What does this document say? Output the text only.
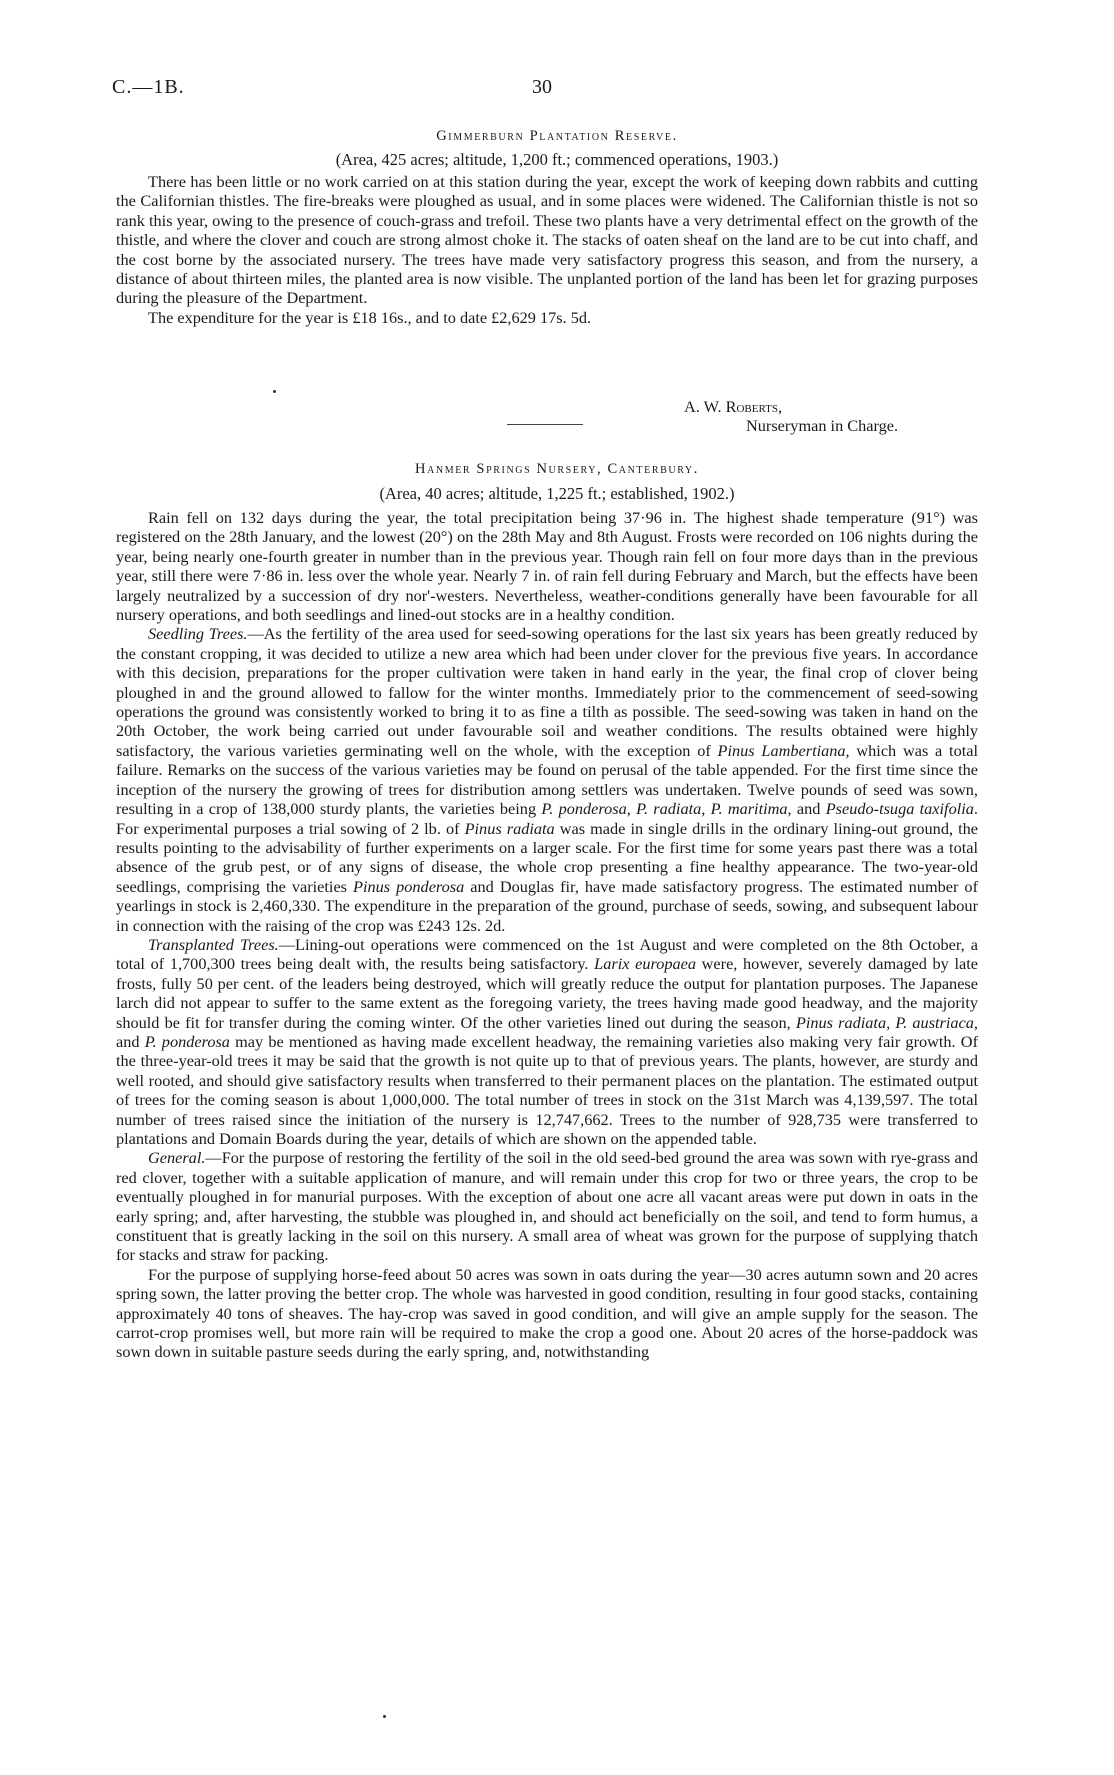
C.—1B.	30
Gimmerburn Plantation Reserve.
(Area, 425 acres; altitude, 1,200 ft.; commenced operations, 1903.)

There has been little or no work carried on at this station during the year, except the work of keeping down rabbits and cutting the Californian thistles. The fire-breaks were ploughed as usual, and in some places were widened. The Californian thistle is not so rank this year, owing to the presence of couch-grass and trefoil. These two plants have a very detrimental effect on the growth of the thistle, and where the clover and couch are strong almost choke it. The stacks of oaten sheaf on the land are to be cut into chaff, and the cost borne by the associated nursery. The trees have made very satisfactory progress this season, and from the nursery, a distance of about thirteen miles, the planted area is now visible. The unplanted portion of the land has been let for grazing purposes during the pleasure of the Department.

The expenditure for the year is £18 16s., and to date £2,629 17s. 5d.

A. W. Roberts,
Nurseryman in Charge.
Hanmer Springs Nursery, Canterbury.
(Area, 40 acres; altitude, 1,225 ft.; established, 1902.)

Rain fell on 132 days during the year, the total precipitation being 37·96 in. The highest shade temperature (91°) was registered on the 28th January, and the lowest (20°) on the 28th May and 8th August. Frosts were recorded on 106 nights during the year, being nearly one-fourth greater in number than in the previous year. Though rain fell on four more days than in the previous year, still there were 7·86 in. less over the whole year. Nearly 7 in. of rain fell during February and March, but the effects have been largely neutralized by a succession of dry nor'-westers. Nevertheless, weather-conditions generally have been favourable for all nursery operations, and both seedlings and lined-out stocks are in a healthy condition.

Seedling Trees.—As the fertility of the area used for seed-sowing operations for the last six years has been greatly reduced by the constant cropping, it was decided to utilize a new area which had been under clover for the previous five years. In accordance with this decision, preparations for the proper cultivation were taken in hand early in the year, the final crop of clover being ploughed in and the ground allowed to fallow for the winter months. Immediately prior to the commencement of seed-sowing operations the ground was consistently worked to bring it to as fine a tilth as possible. The seed-sowing was taken in hand on the 20th October, the work being carried out under favourable soil and weather conditions. The results obtained were highly satisfactory, the various varieties germinating well on the whole, with the exception of Pinus Lambertiana, which was a total failure. Remarks on the success of the various varieties may be found on perusal of the table appended. For the first time since the inception of the nursery the growing of trees for distribution among settlers was undertaken. Twelve pounds of seed was sown, resulting in a crop of 138,000 sturdy plants, the varieties being P. ponderosa, P. radiata, P. maritima, and Pseudo-tsuga taxifolia. For experimental purposes a trial sowing of 2 lb. of Pinus radiata was made in single drills in the ordinary lining-out ground, the results pointing to the advisability of further experiments on a larger scale. For the first time for some years past there was a total absence of the grub pest, or of any signs of disease, the whole crop presenting a fine healthy appearance. The two-year-old seedlings, comprising the varieties Pinus ponderosa and Douglas fir, have made satisfactory progress. The estimated number of yearlings in stock is 2,460,330. The expenditure in the preparation of the ground, purchase of seeds, sowing, and subsequent labour in connection with the raising of the crop was £243 12s. 2d.

Transplanted Trees.—Lining-out operations were commenced on the 1st August and were completed on the 8th October, a total of 1,700,300 trees being dealt with, the results being satisfactory. Larix europaea were, however, severely damaged by late frosts, fully 50 per cent. of the leaders being destroyed, which will greatly reduce the output for plantation purposes. The Japanese larch did not appear to suffer to the same extent as the foregoing variety, the trees having made good headway, and the majority should be fit for transfer during the coming winter. Of the other varieties lined out during the season, Pinus radiata, P. austriaca, and P. ponderosa may be mentioned as having made excellent headway, the remaining varieties also making very fair growth. Of the three-year-old trees it may be said that the growth is not quite up to that of previous years. The plants, however, are sturdy and well rooted, and should give satisfactory results when transferred to their permanent places on the plantation. The estimated output of trees for the coming season is about 1,000,000. The total number of trees in stock on the 31st March was 4,139,597. The total number of trees raised since the initiation of the nursery is 12,747,662. Trees to the number of 928,735 were transferred to plantations and Domain Boards during the year, details of which are shown on the appended table.

General.—For the purpose of restoring the fertility of the soil in the old seed-bed ground the area was sown with rye-grass and red clover, together with a suitable application of manure, and will remain under this crop for two or three years, the crop to be eventually ploughed in for manurial purposes. With the exception of about one acre all vacant areas were put down in oats in the early spring; and, after harvesting, the stubble was ploughed in, and should act beneficially on the soil, and tend to form humus, a constituent that is greatly lacking in the soil on this nursery. A small area of wheat was grown for the purpose of supplying thatch for stacks and straw for packing.

For the purpose of supplying horse-feed about 50 acres was sown in oats during the year—30 acres autumn sown and 20 acres spring sown, the latter proving the better crop. The whole was harvested in good condition, resulting in four good stacks, containing approximately 40 tons of sheaves. The hay-crop was saved in good condition, and will give an ample supply for the season. The carrot-crop promises well, but more rain will be required to make the crop a good one. About 20 acres of the horse-paddock was sown down in suitable pasture seeds during the early spring, and, notwithstanding
